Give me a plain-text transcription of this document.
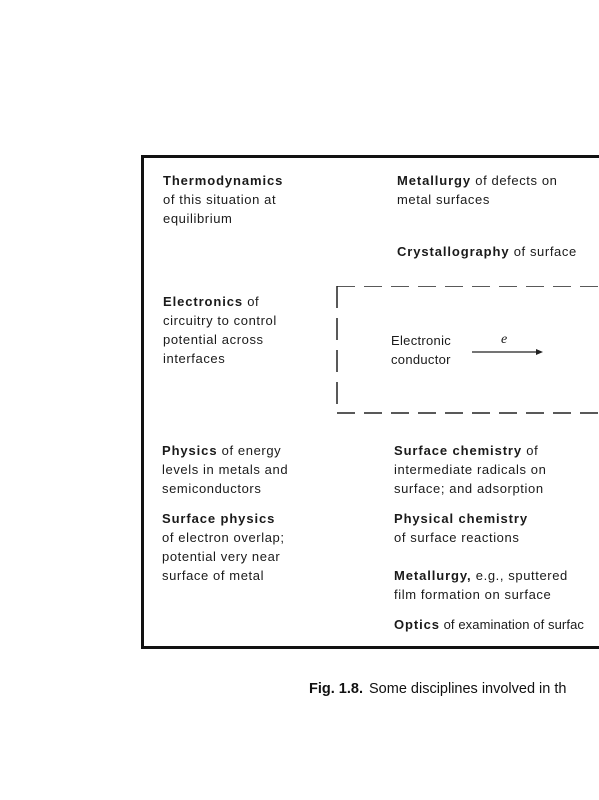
Thermodynamics
of this situation at
equilibrium
Metallurgy of defects on
metal surfaces
Crystallography of surface
Electronics of
circuitry to control
potential across
interfaces
Electronic
conductor
e
Physics of energy
levels in metals and
semiconductors
Surface chemistry of
intermediate radicals on
surface; and adsorption
Surface physics
of electron overlap;
potential very near
surface of metal
Physical chemistry
of surface reactions
Metallurgy, e.g., sputtered
film formation on surface
Optics of examination of surfac
Fig. 1.8. Some disciplines involved in th
